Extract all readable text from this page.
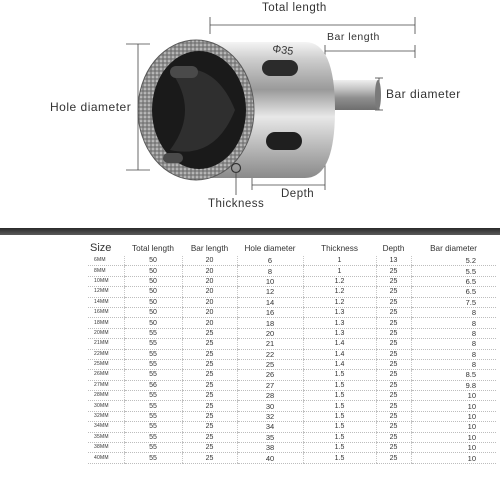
Φ35
Total length
Bar length
Bar diameter
Hole diameter
Depth
Thickness
Size	Total length	Bar length	Hole diameter	Thickness	Depth	Bar diameter
6MM	50	20	6	1	13	5.2
8MM	50	20	8	1	25	5.5
10MM	50	20	10	1.2	25	6.5
12MM	50	20	12	1.2	25	6.5
14MM	50	20	14	1.2	25	7.5
16MM	50	20	16	1.3	25	8
18MM	50	20	18	1.3	25	8
20MM	55	25	20	1.3	25	8
21MM	55	25	21	1.4	25	8
22MM	55	25	22	1.4	25	8
25MM	55	25	25	1.4	25	8
26MM	55	25	26	1.5	25	8.5
27MM	56	25	27	1.5	25	9.8
28MM	55	25	28	1.5	25	10
30MM	55	25	30	1.5	25	10
32MM	55	25	32	1.5	25	10
34MM	55	25	34	1.5	25	10
35MM	55	25	35	1.5	25	10
38MM	55	25	38	1.5	25	10
40MM	55	25	40	1.5	25	10
